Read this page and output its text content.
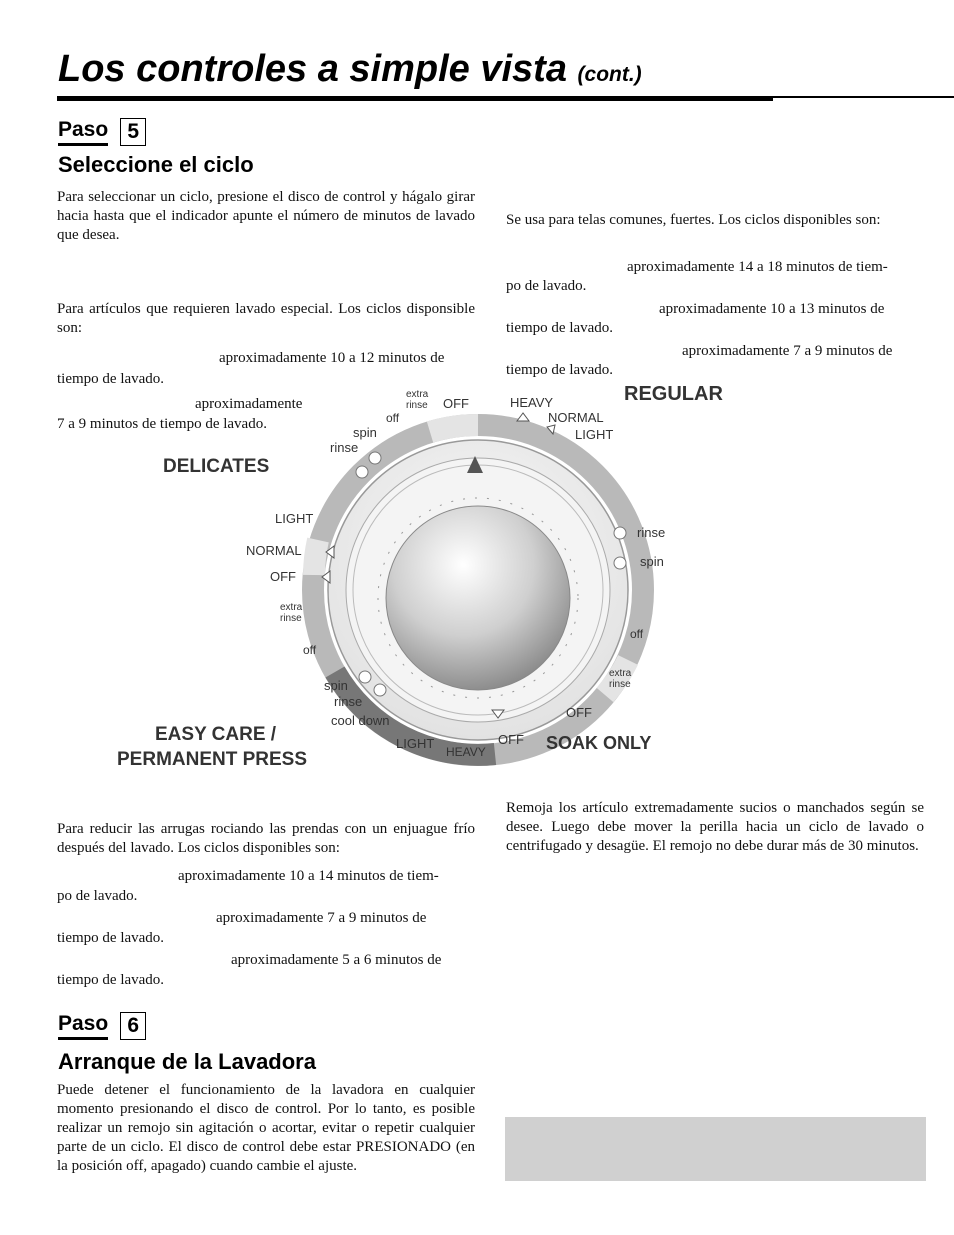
Los controles a simple vista (cont.)
Paso 5
Seleccione el ciclo
Para seleccionar un ciclo, presione el disco de control y hágalo girar hacia hasta que el indicador apunte el número de minutos de lavado que desea.
Para artículos que requieren lavado especial. Los ciclos disponsible son:
aproximadamente 10 a 12 minutos de
tiempo de lavado.
aproximadamente
7 a 9 minutos de tiempo de lavado.
Se usa para telas comunes, fuertes. Los ciclos disponibles son:
aproximadamente 14 a 18 minutos de tiem-
po de lavado.
aproximadamente 10 a 13 minutos de
tiempo de lavado.
aproximadamente 7 a 9 minutos de
tiempo de lavado.
REGULAR
HEAVY
NORMAL
LIGHT
OFF
extra
rinse
off
spin
rinse
DELICATES
LIGHT
NORMAL
OFF
extra
rinse
off
rinse
spin
off
extra
rinse
OFF
SOAK ONLY
OFF
HEAVY
LIGHT
spin
rinse
cool down
EASY CARE /
PERMANENT PRESS
Para reducir las arrugas rociando las prendas con un enjuague frío después del lavado. Los ciclos disponibles son:
aproximadamente 10 a 14 minutos de tiem-
po de lavado.
aproximadamente 7 a 9 minutos de
tiempo de lavado.
aproximadamente 5 a 6 minutos de
tiempo de lavado.
Remoja los artículo extremadamente sucios o manchados según se desee. Luego debe mover la perilla hacia un ciclo de lavado o centrifugado y desagüe. El remojo no debe durar más de 30 minutos.
Paso 6
Arranque de la Lavadora
Puede detener el funcionamiento de la lavadora en cualquier momento presionando el disco de control. Por lo tanto, es posible realizar un remojo sin agitación o acortar, evitar o repetir cualquier parte de un ciclo. El disco de control debe estar PRESIONADO (en la posición off, apagado) cuando cambie el ajuste.
